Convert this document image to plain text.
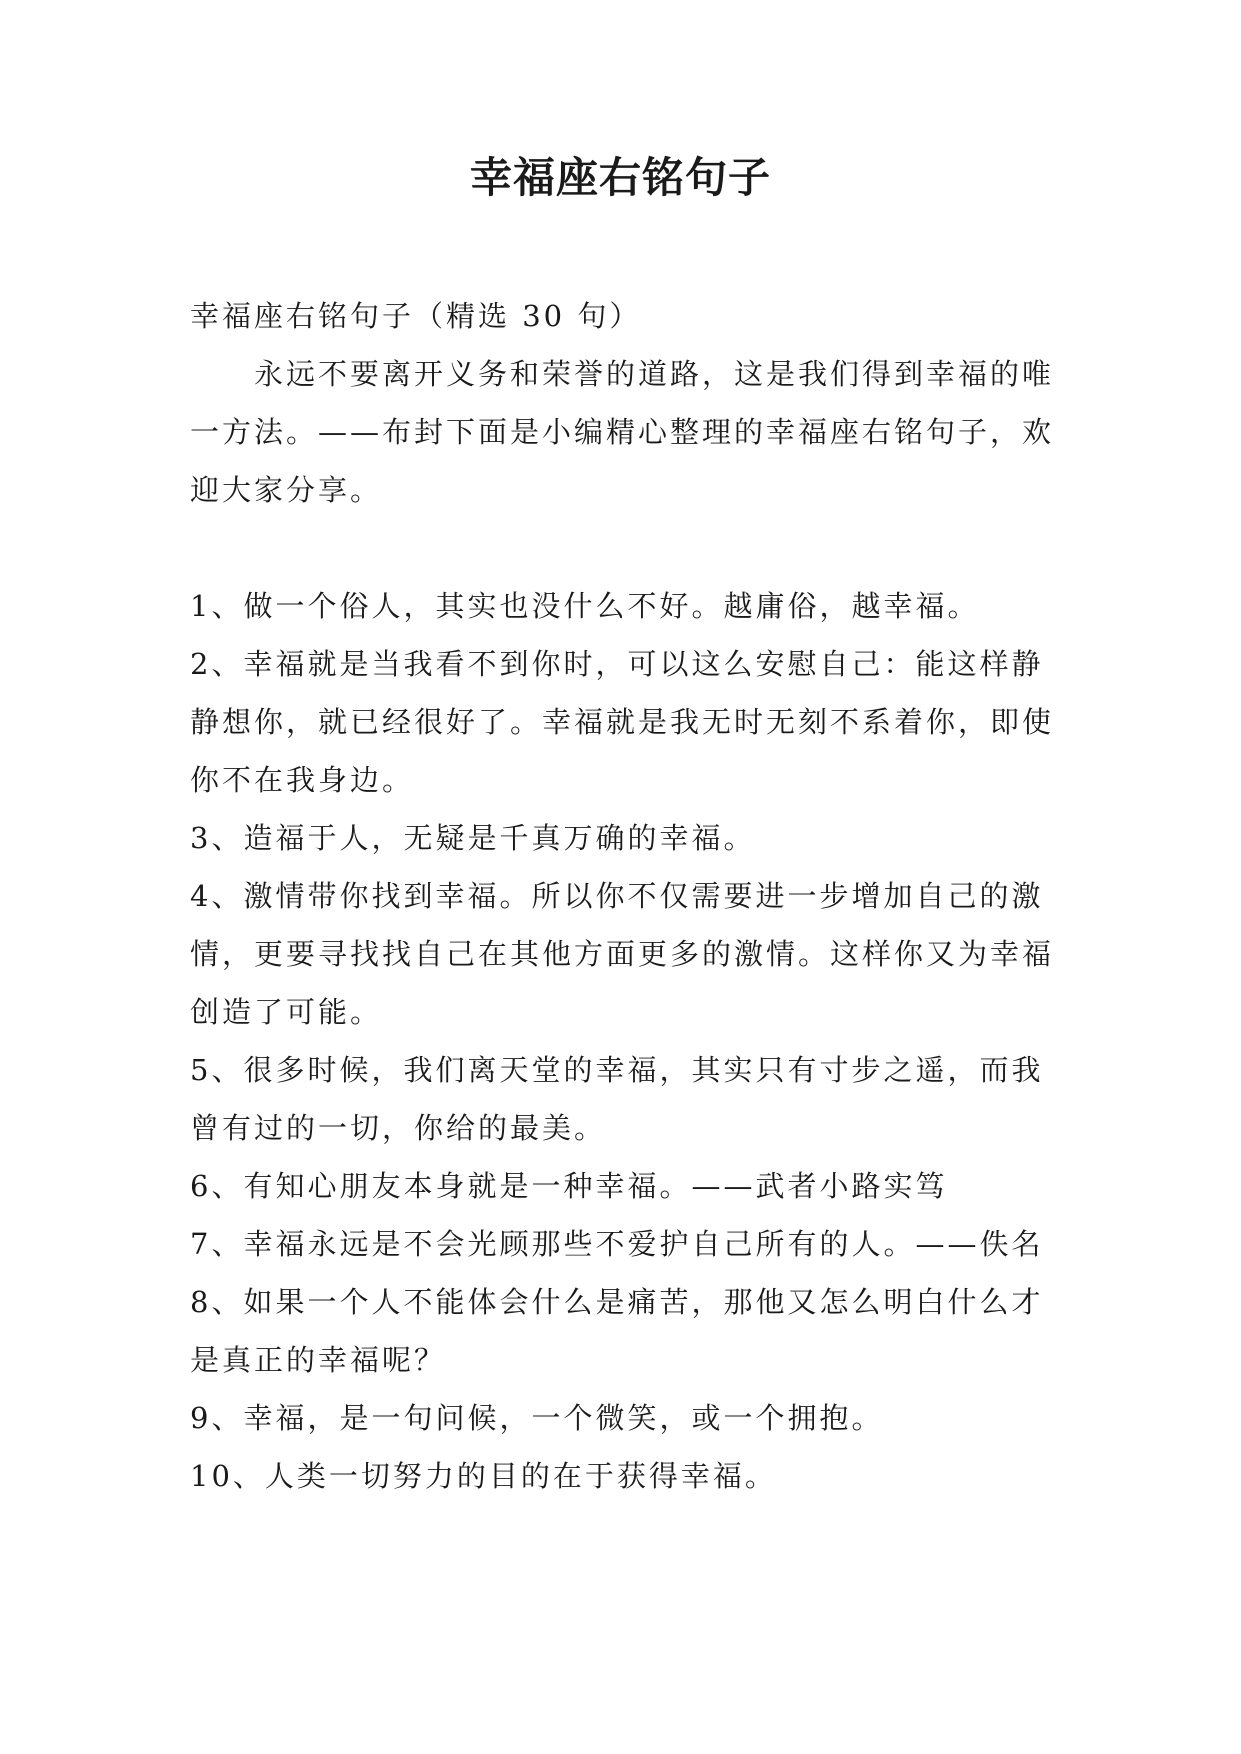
幸福座右铭句子

幸福座右铭句子（精选 30 句）

永远不要离开义务和荣誉的道路，这是我们得到幸福的唯一方法。——布封下面是小编精心整理的幸福座右铭句子，欢迎大家分享。

1、做一个俗人，其实也没什么不好。越庸俗，越幸福。

2、幸福就是当我看不到你时，可以这么安慰自己：能这样静静想你，就已经很好了。幸福就是我无时无刻不系着你，即使你不在我身边。

3、造福于人，无疑是千真万确的幸福。

4、激情带你找到幸福。所以你不仅需要进一步增加自己的激情，更要寻找找自己在其他方面更多的激情。这样你又为幸福创造了可能。

5、很多时候，我们离天堂的幸福，其实只有寸步之遥，而我曾有过的一切，你给的最美。

6、有知心朋友本身就是一种幸福。——武者小路实笃

7、幸福永远是不会光顾那些不爱护自己所有的人。——佚名

8、如果一个人不能体会什么是痛苦，那他又怎么明白什么才是真正的幸福呢？

9、幸福，是一句问候，一个微笑，或一个拥抱。

10、人类一切努力的目的在于获得幸福。
